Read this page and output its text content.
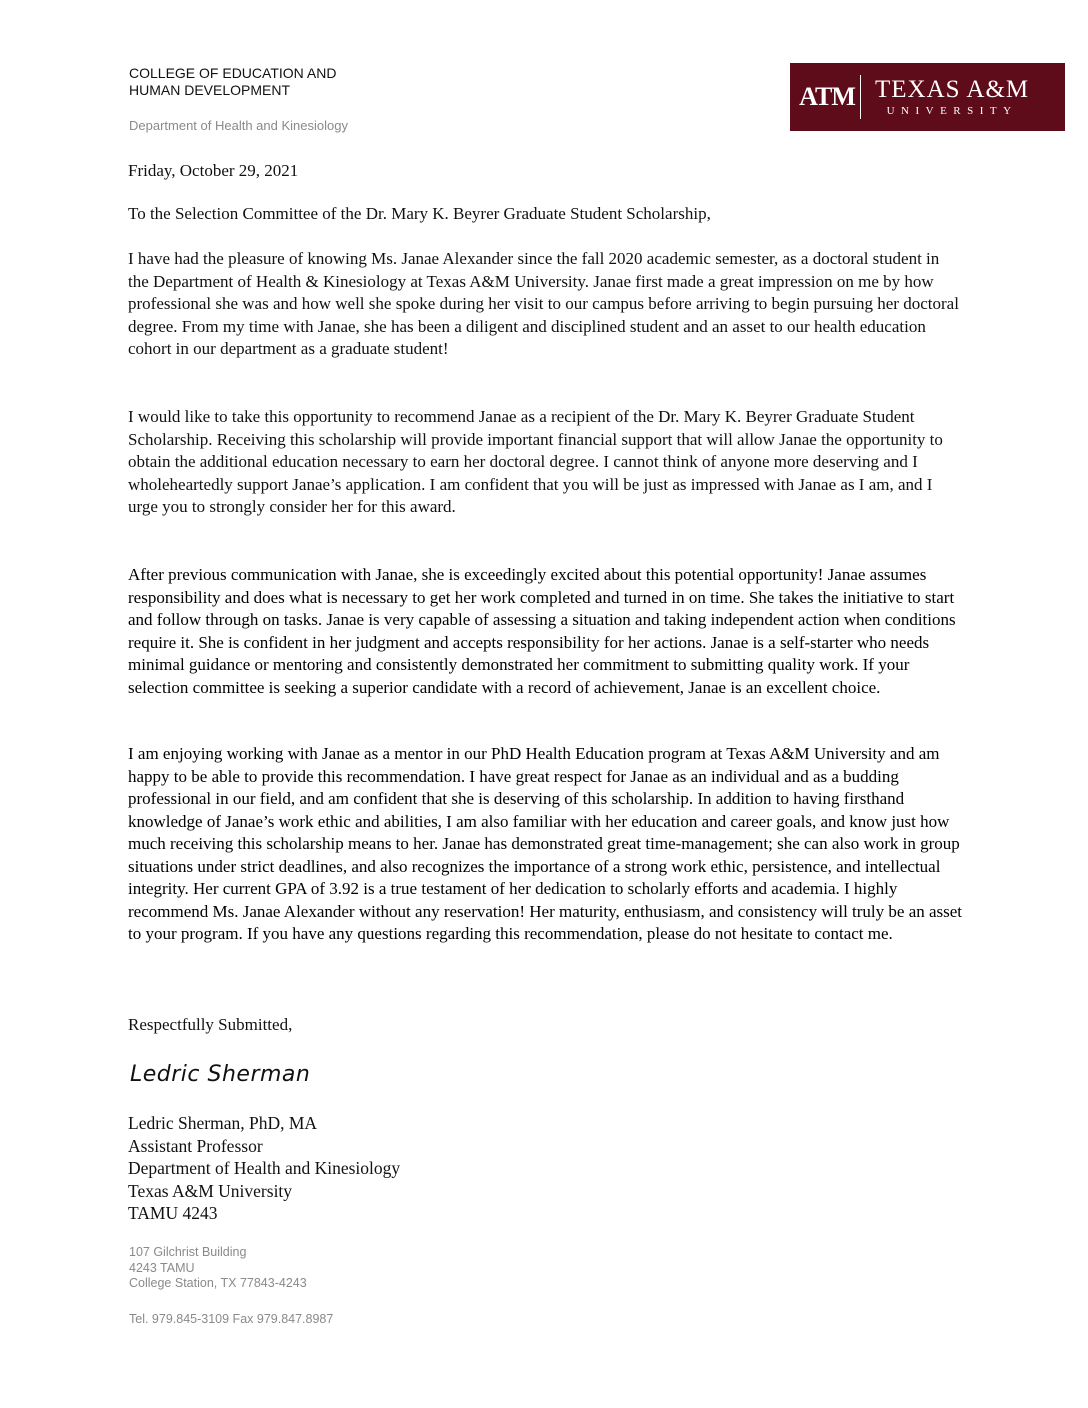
COLLEGE OF EDUCATION AND
HUMAN DEVELOPMENT
Department of Health and Kinesiology
ATM TEXAS A&M
UNIVERSITY

Friday, October 29, 2021

To the Selection Committee of the Dr. Mary K. Beyrer Graduate Student Scholarship,

I have had the pleasure of knowing Ms. Janae Alexander since the fall 2020 academic semester, as a doctoral student in the Department of Health & Kinesiology at Texas A&M University. Janae first made a great impression on me by how professional she was and how well she spoke during her visit to our campus before arriving to begin pursuing her doctoral degree. From my time with Janae, she has been a diligent and disciplined student and an asset to our health education cohort in our department as a graduate student!

I would like to take this opportunity to recommend Janae as a recipient of the Dr. Mary K. Beyrer Graduate Student Scholarship. Receiving this scholarship will provide important financial support that will allow Janae the opportunity to obtain the additional education necessary to earn her doctoral degree. I cannot think of anyone more deserving and I wholeheartedly support Janae’s application. I am confident that you will be just as impressed with Janae as I am, and I urge you to strongly consider her for this award.

After previous communication with Janae, she is exceedingly excited about this potential opportunity! Janae assumes responsibility and does what is necessary to get her work completed and turned in on time. She takes the initiative to start and follow through on tasks. Janae is very capable of assessing a situation and taking independent action when conditions require it. She is confident in her judgment and accepts responsibility for her actions. Janae is a self-starter who needs minimal guidance or mentoring and consistently demonstrated her commitment to submitting quality work. If your selection committee is seeking a superior candidate with a record of achievement, Janae is an excellent choice.

I am enjoying working with Janae as a mentor in our PhD Health Education program at Texas A&M University and am happy to be able to provide this recommendation. I have great respect for Janae as an individual and as a budding professional in our field, and am confident that she is deserving of this scholarship. In addition to having firsthand knowledge of Janae’s work ethic and abilities, I am also familiar with her education and career goals, and know just how much receiving this scholarship means to her. Janae has demonstrated great time-management; she can also work in group situations under strict deadlines, and also recognizes the importance of a strong work ethic, persistence, and intellectual integrity. Her current GPA of 3.92 is a true testament of her dedication to scholarly efforts and academia. I highly recommend Ms. Janae Alexander without any reservation! Her maturity, enthusiasm, and consistency will truly be an asset to your program. If you have any questions regarding this recommendation, please do not hesitate to contact me.

Respectfully Submitted,

Ledric Sherman
Ledric Sherman, PhD, MA
Assistant Professor
Department of Health and Kinesiology
Texas A&M University
TAMU 4243
107 Gilchrist Building
4243 TAMU
College Station, TX 77843-4243
Tel. 979.845-3109 Fax 979.847.8987
